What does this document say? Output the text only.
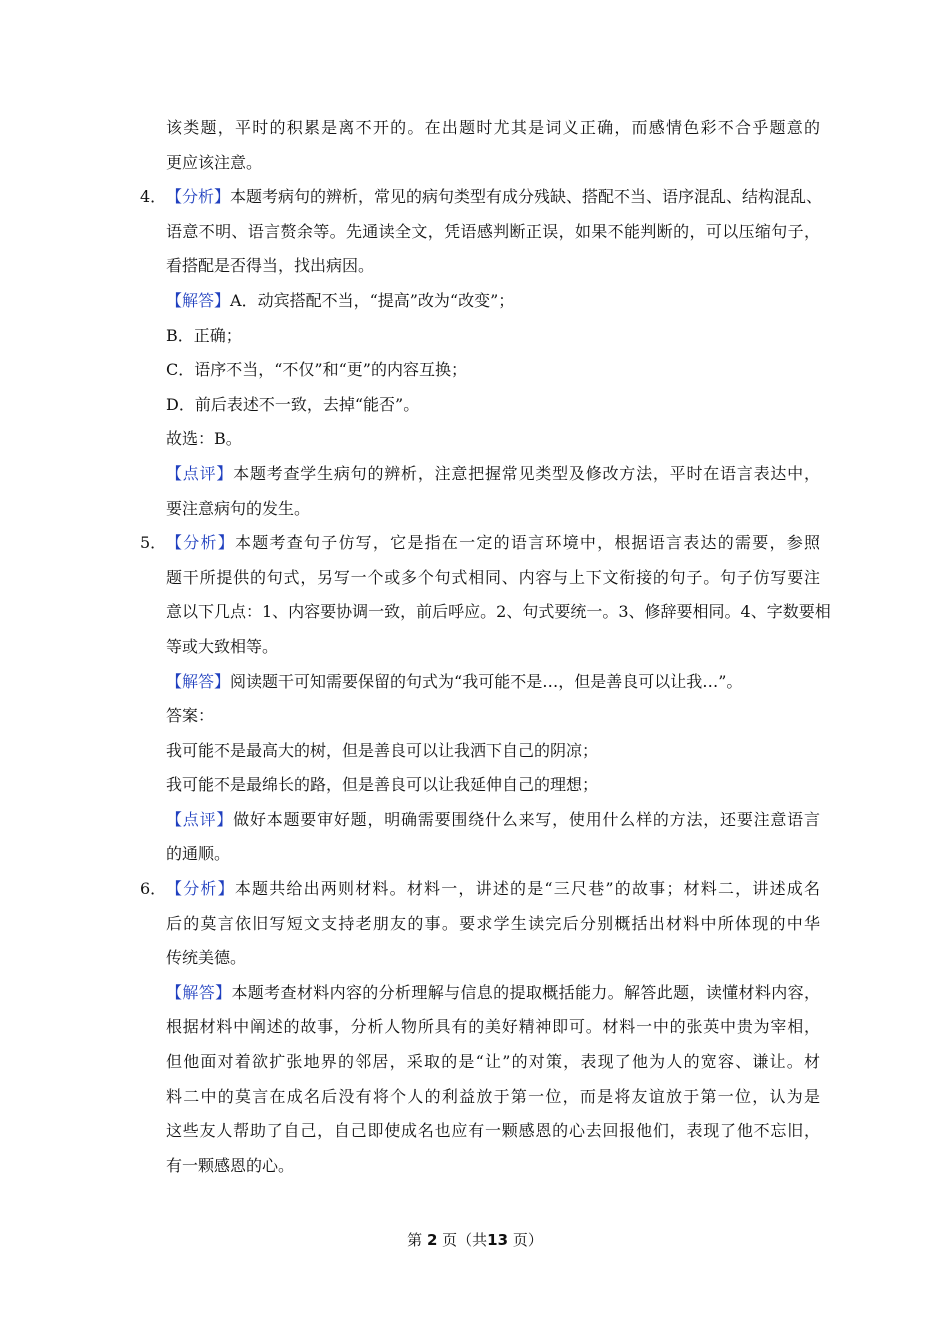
该类题，平时的积累是离不开的。在出题时尤其是词义正确，而感情色彩不合乎题意的

更应该注意。

4． 【分析】本题考病句的辨析，常见的病句类型有成分残缺、搭配不当、语序混乱、结构混乱、

语意不明、语言赘余等。先通读全文，凭语感判断正误，如果不能判断的，可以压缩句子，

看搭配是否得当，找出病因。

【解答】A．动宾搭配不当，“提高”改为“改变”；

B．正确；

C．语序不当，“不仅”和“更”的内容互换；

D．前后表述不一致，去掉“能否”。

故选：B。

【点评】本题考查学生病句的辨析，注意把握常见类型及修改方法，平时在语言表达中，

要注意病句的发生。

5． 【分析】本题考查句子仿写，它是指在一定的语言环境中，根据语言表达的需要，参照

题干所提供的句式，另写一个或多个句式相同、内容与上下文衔接的句子。句子仿写要注

意以下几点：1、内容要协调一致，前后呼应。2、句式要统一。3、修辞要相同。4、字数要相

等或大致相等。

【解答】阅读题干可知需要保留的句式为“我可能不是…，但是善良可以让我…”。

答案：

我可能不是最高大的树，但是善良可以让我洒下自己的阴凉；

我可能不是最绵长的路，但是善良可以让我延伸自己的理想；

【点评】做好本题要审好题，明确需要围绕什么来写，使用什么样的方法，还要注意语言

的通顺。

6． 【分析】本题共给出两则材料。材料一，讲述的是“三尺巷”的故事；材料二，讲述成名

后的莫言依旧写短文支持老朋友的事。要求学生读完后分别概括出材料中所体现的中华

传统美德。

【解答】本题考查材料内容的分析理解与信息的提取概括能力。解答此题，读懂材料内容，

根据材料中阐述的故事，分析人物所具有的美好精神即可。材料一中的张英中贵为宰相，

但他面对着欲扩张地界的邻居，采取的是“让”的对策，表现了他为人的宽容、谦让。材

料二中的莫言在成名后没有将个人的利益放于第一位，而是将友谊放于第一位，认为是

这些友人帮助了自己，自己即使成名也应有一颗感恩的心去回报他们，表现了他不忘旧，

有一颗感恩的心。

第 2 页（共13 页）
